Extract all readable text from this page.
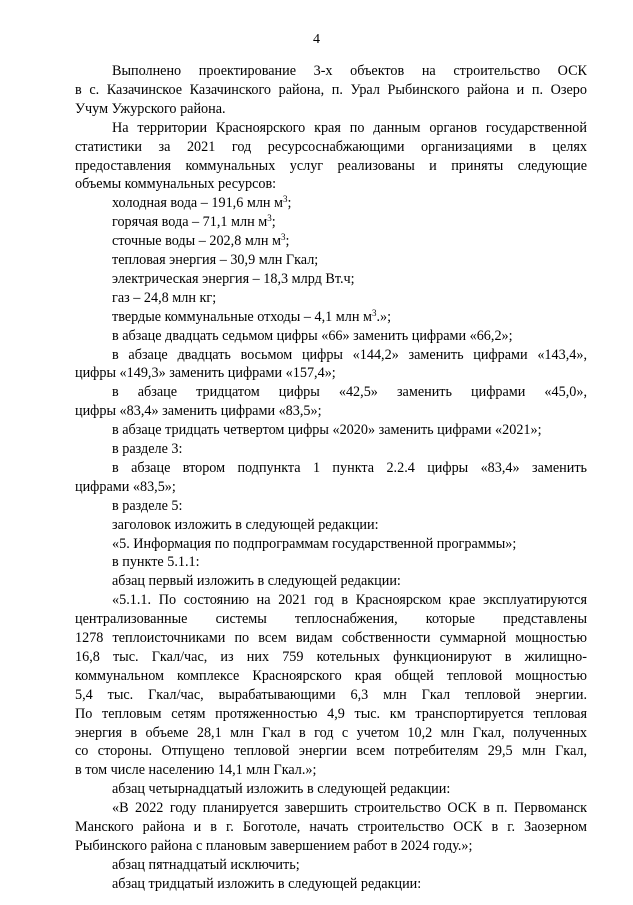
4
Выполнено проектирование 3-х объектов на строительство ОСК
в с. Казачинское Казачинского района, п. Урал Рыбинского района и п. Озеро
Учум Ужурского района.
На территории Красноярского края по данным органов государственной
статистики за 2021 год ресурсоснабжающими организациями в целях
предоставления коммунальных услуг реализованы и приняты следующие
объемы коммунальных ресурсов:
холодная вода – 191,6 млн $м^3$;
горячая вода – 71,1 млн $м^3$;
сточные воды – 202,8 млн $м^3$;
тепловая энергия – 30,9 млн Гкал;
электрическая энергия – 18,3 млрд Вт.ч;
газ – 24,8 млн кг;
твердые коммунальные отходы – 4,1 млн $м^3$.»;
в абзаце двадцать седьмом цифры «66» заменить цифрами «66,2»;
в абзаце двадцать восьмом цифры «144,2» заменить цифрами «143,4»,
цифры «149,3» заменить цифрами «157,4»;
в абзаце тридцатом цифры «42,5» заменить цифрами «45,0»,
цифры «83,4» заменить цифрами «83,5»;
в абзаце тридцать четвертом цифры «2020» заменить цифрами «2021»;
в разделе 3:
в абзаце втором подпункта 1 пункта 2.2.4 цифры «83,4» заменить
цифрами «83,5»;
в разделе 5:
заголовок изложить в следующей редакции:
«5. Информация по подпрограммам государственной программы»;
в пункте 5.1.1:
абзац первый изложить в следующей редакции:
«5.1.1. По состоянию на 2021 год в Красноярском крае эксплуатируются
централизованные системы теплоснабжения, которые представлены
1278 теплоисточниками по всем видам собственности суммарной мощностью
16,8 тыс. Гкал/час, из них 759 котельных функционируют в жилищно-
коммунальном комплексе Красноярского края общей тепловой мощностью
5,4 тыс. Гкал/час, вырабатывающими 6,3 млн Гкал тепловой энергии.
По тепловым сетям протяженностью 4,9 тыс. км транспортируется тепловая
энергия в объеме 28,1 млн Гкал в год с учетом 10,2 млн Гкал, полученных
со стороны. Отпущено тепловой энергии всем потребителям 29,5 млн Гкал,
в том числе населению 14,1 млн Гкал.»;
абзац четырнадцатый изложить в следующей редакции:
«В 2022 году планируется завершить строительство ОСК в п. Первоманск
Манского района и в г. Боготоле, начать строительство ОСК в г. Заозерном
Рыбинского района с плановым завершением работ в 2024 году.»;
абзац пятнадцатый исключить;
абзац тридцатый изложить в следующей редакции:
